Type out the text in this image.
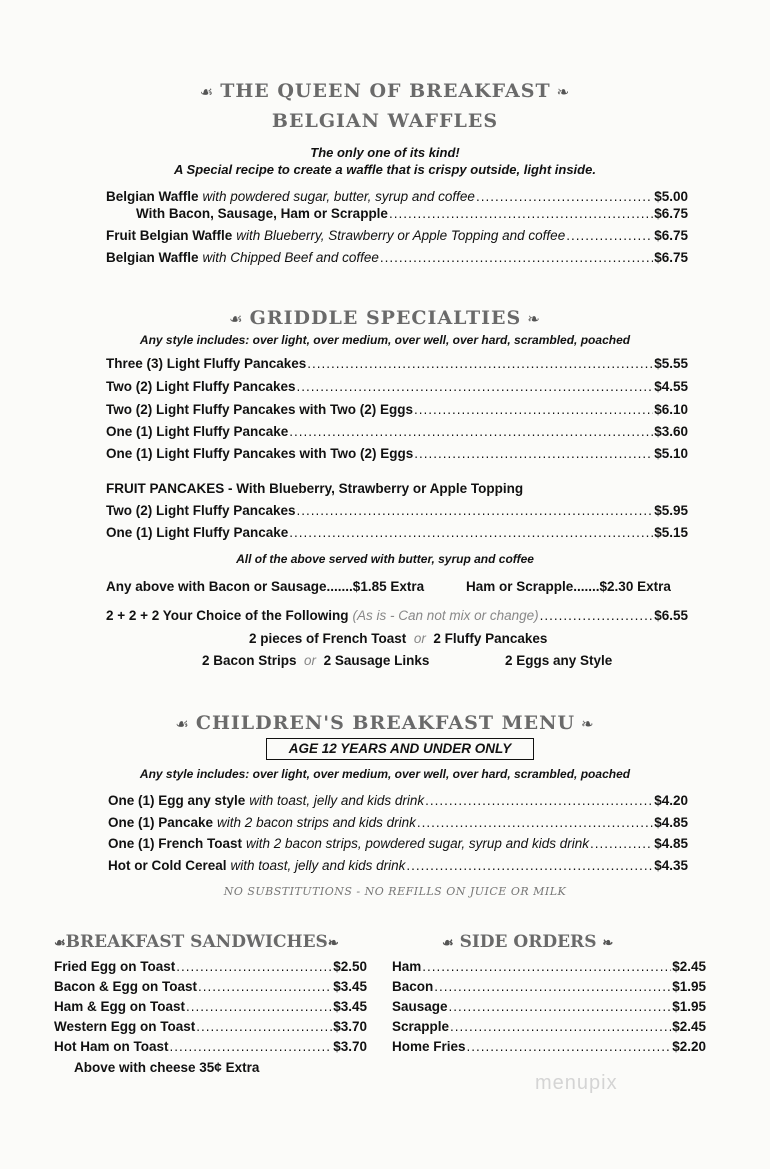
☙ THE QUEEN OF BREAKFAST ❧
BELGIAN WAFFLES
The only one of its kind!
A Special recipe to create a waffle that is crispy outside, light inside.
Belgian Waffle with powdered sugar, butter, syrup and coffee .....	$5.00
With Bacon, Sausage, Ham or Scrapple .....	$6.75
Fruit Belgian Waffle with Blueberry, Strawberry or Apple Topping and coffee .....	$6.75
Belgian Waffle with Chipped Beef and coffee .....	$6.75
☙ GRIDDLE SPECIALTIES ❧
Any style includes: over light, over medium, over well, over hard, scrambled, poached
Three (3) Light Fluffy Pancakes .....	$5.55
Two (2) Light Fluffy Pancakes .....	$4.55
Two (2) Light Fluffy Pancakes with Two (2) Eggs .....	$6.10
One (1) Light Fluffy Pancake .....	$3.60
One (1) Light Fluffy Pancakes with Two (2) Eggs .....	$5.10
FRUIT PANCAKES - With Blueberry, Strawberry or Apple Topping
Two (2) Light Fluffy Pancakes .....	$5.95
One (1) Light Fluffy Pancake .....	$5.15
All of the above served with butter, syrup and coffee
Any above with Bacon or Sausage.......$1.85 Extra	Ham or Scrapple.......$2.30 Extra
2 + 2 + 2 Your Choice of the Following (As is - Can not mix or change) .....	$6.55
2 pieces of French Toast or 2 Fluffy Pancakes
2 Bacon Strips or 2 Sausage Links	2 Eggs any Style
☙ CHILDREN'S BREAKFAST MENU ❧
AGE 12 YEARS AND UNDER ONLY
Any style includes: over light, over medium, over well, over hard, scrambled, poached
One (1) Egg any style with toast, jelly and kids drink .....	$4.20
One (1) Pancake with 2 bacon strips and kids drink .....	$4.85
One (1) French Toast with 2 bacon strips, powdered sugar, syrup and kids drink .....	$4.85
Hot or Cold Cereal with toast, jelly and kids drink .....	$4.35
NO SUBSTITUTIONS - NO REFILLS ON JUICE OR MILK
☙BREAKFAST SANDWICHES❧
Fried Egg on Toast .....	$2.50
Bacon & Egg on Toast .....	$3.45
Ham & Egg on Toast .....	$3.45
Western Egg on Toast .....	$3.70
Hot Ham on Toast .....	$3.70
Above with cheese 35¢ Extra
☙ SIDE ORDERS ❧
Ham .....	$2.45
Bacon .....	$1.95
Sausage .....	$1.95
Scrapple .....	$2.45
Home Fries .....	$2.20
menupix
